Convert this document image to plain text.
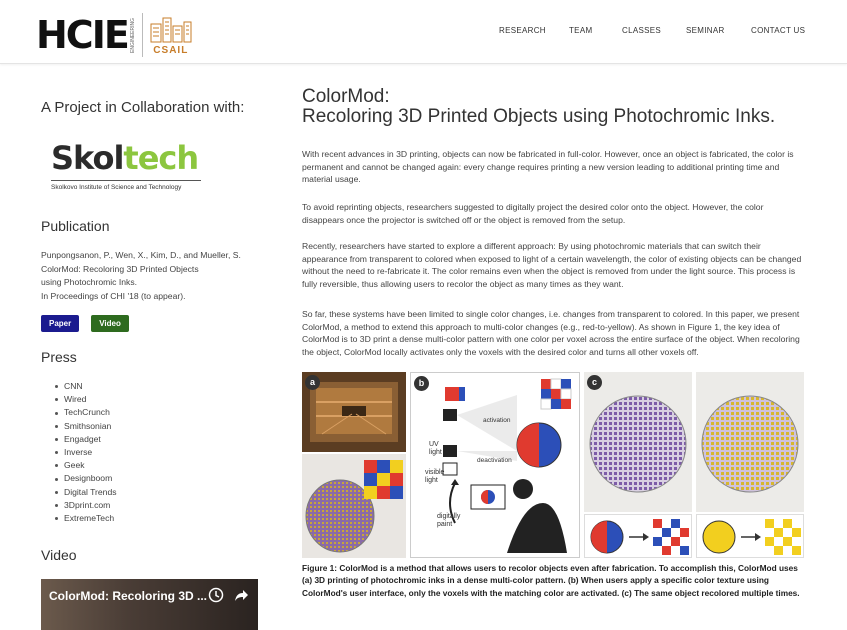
HCIE ENGINEERING CSAIL
RESEARCH	TEAM	CLASSES	SEMINAR	CONTACT US
A Project in Collaboration with:
Skoltech
Skolkovo Institute of Science and Technology
Publication
Punpongsanon, P., Wen, X., Kim, D., and Mueller, S.
ColorMod: Recoloring 3D Printed Objects
using Photochromic Inks.
In Proceedings of CHI '18 (to appear).
Paper	Video
Press
CNN
Wired
TechCrunch
Smithsonian
Engadget
Inverse
Geek
Designboom
Digital Trends
3Dprint.com
ExtremeTech
Video
ColorMod: Recoloring 3D ...
ColorMod:
Recoloring 3D Printed Objects using Photochromic Inks.

With recent advances in 3D printing, objects can now be fabricated in full-color. However, once an object is fabricated, the color is permanent and cannot be changed again: every change requires printing a new version leading to additional printing time and material usage.

To avoid reprinting objects, researchers suggested to digitally project the desired color onto the object. However, the color disappears once the projector is switched off or the object is removed from the setup.

Recently, researchers have started to explore a different approach: By using photochromic materials that can switch their appearance from transparent to colored when exposed to light of a certain wavelength, the color of existing objects can be changed without the need to re-fabricate it. The color remains even when the object is removed from under the light source. This process is fully reversible, thus allowing users to recolor the object as many times as they want.

So far, these systems have been limited to single color changes, i.e. changes from transparent to colored. In this paper, we present ColorMod, a method to extend this approach to multi-color changes (e.g., red-to-yellow). As shown in Figure 1, the key idea of ColorMod is to 3D print a dense multi-color pattern with one color per voxel across the entire surface of the object. When recoloring the object, ColorMod locally activates only the voxels with the desired color and turns all other voxels off.

a	b
UV light
visible light
activation
deactivation
digitally paint
c

Figure 1: ColorMod is a method that allows users to recolor objects even after fabrication. To accomplish this, ColorMod uses (a) 3D printing of photochromic inks in a dense multi-color pattern. (b) When users apply a specific color texture using ColorMod's user interface, only the voxels with the matching color are activated. (c) The same object recolored multiple times.
